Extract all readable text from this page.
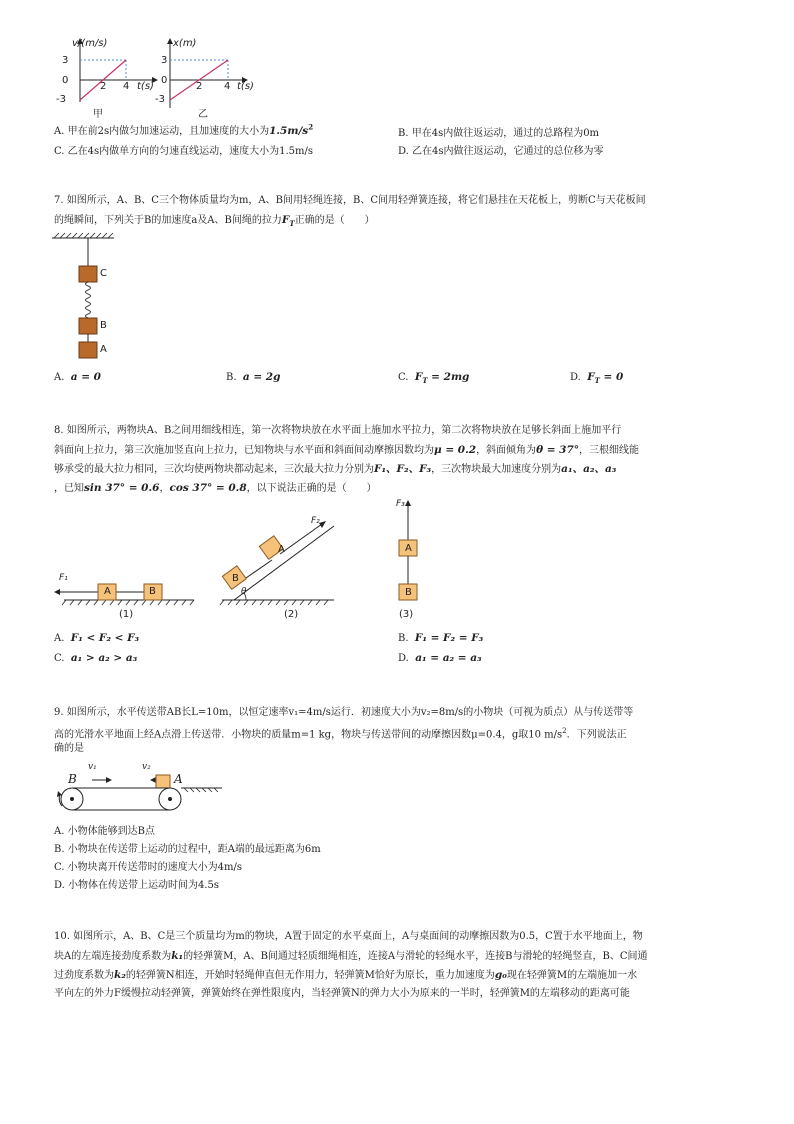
v/(m/s)
3
0
-3
2 4 t(s)
甲
x(m)
3
0
-3
2 4 t(s)
乙
A. 甲在前2s内做匀加速运动，且加速度的大小为$1.5m/s^2$
B. 甲在4s内做往返运动，通过的总路程为0m
C. 乙在4s内做单方向的匀速直线运动，速度大小为1.5m/s	D. 乙在4s内做往返运动，它通过的总位移为零
7. 如图所示，A、B、C三个物体质量均为m，A、B间用轻绳连接，B、C间用轻弹簧连接，将它们悬挂在天花板上，剪断C与天花板间
的绳瞬间，下列关于B的加速度a及A、B间绳的拉力$F_T$正确的是（　　）
C
B
A
A. a = 0	B. a = 2g	C. $F_T = 2mg$	D. $F_T = 0$
8. 如图所示，两物块A、B之间用细线相连，第一次将物块放在水平面上施加水平拉力，第二次将物块放在足够长斜面上施加平行
斜面向上拉力，第三次施加竖直向上拉力，已知物块与水平面和斜面间动摩擦因数均为μ = 0.2，斜面倾角为θ = 37°，三根细线能
够承受的最大拉力相同，三次均使两物块都动起来，三次最大拉力分别为F₁、F₂、F₃，三次物块最大加速度分别为a₁、a₂、a₃
，已知sin 37° = 0.6，cos 37° = 0.8，以下说法正确的是（　　）
F₁
A	B
(1)
F₂
A
B
θ
(2)
F₃
A
B
(3)
A. F₁ < F₂ < F₃	B. F₁ = F₂ = F₃
C. a₁ > a₂ > a₃	D. a₁ = a₂ = a₃
9. 如图所示，水平传送带AB长L=10m，以恒定速率v₁=4m/s运行．初速度大小为v₂=8m/s的小物块（可视为质点）从与传送带等
高的光滑水平地面上经A点滑上传送带．小物块的质量m=1 kg，物块与传送带间的动摩擦因数μ=0.4，g取10 $m/s^2$．下列说法正
确的是
B	A
v₁	v₂
A. 小物体能够到达B点
B. 小物块在传送带上运动的过程中，距A端的最远距离为6m
C. 小物块离开传送带时的速度大小为4m/s
D. 小物体在传送带上运动时间为4.5s
10. 如图所示，A、B、C是三个质量均为m的物块，A置于固定的水平桌面上，A与桌面间的动摩擦因数为0.5，C置于水平地面上，物
块A的左端连接劲度系数为k₁的轻弹簧M，A、B间通过轻质细绳相连，连接A与滑轮的轻绳水平，连接B与滑轮的轻绳竖直，B、C间通
过劲度系数为k₂的轻弹簧N相连，开始时轻绳伸直但无作用力，轻弹簧M恰好为原长，重力加速度为g₀现在轻弹簧M的左端施加一水
平向左的外力F缓慢拉动轻弹簧，弹簧始终在弹性限度内，当轻弹簧N的弹力大小为原来的一半时，轻弹簧M的左端移动的距离可能
